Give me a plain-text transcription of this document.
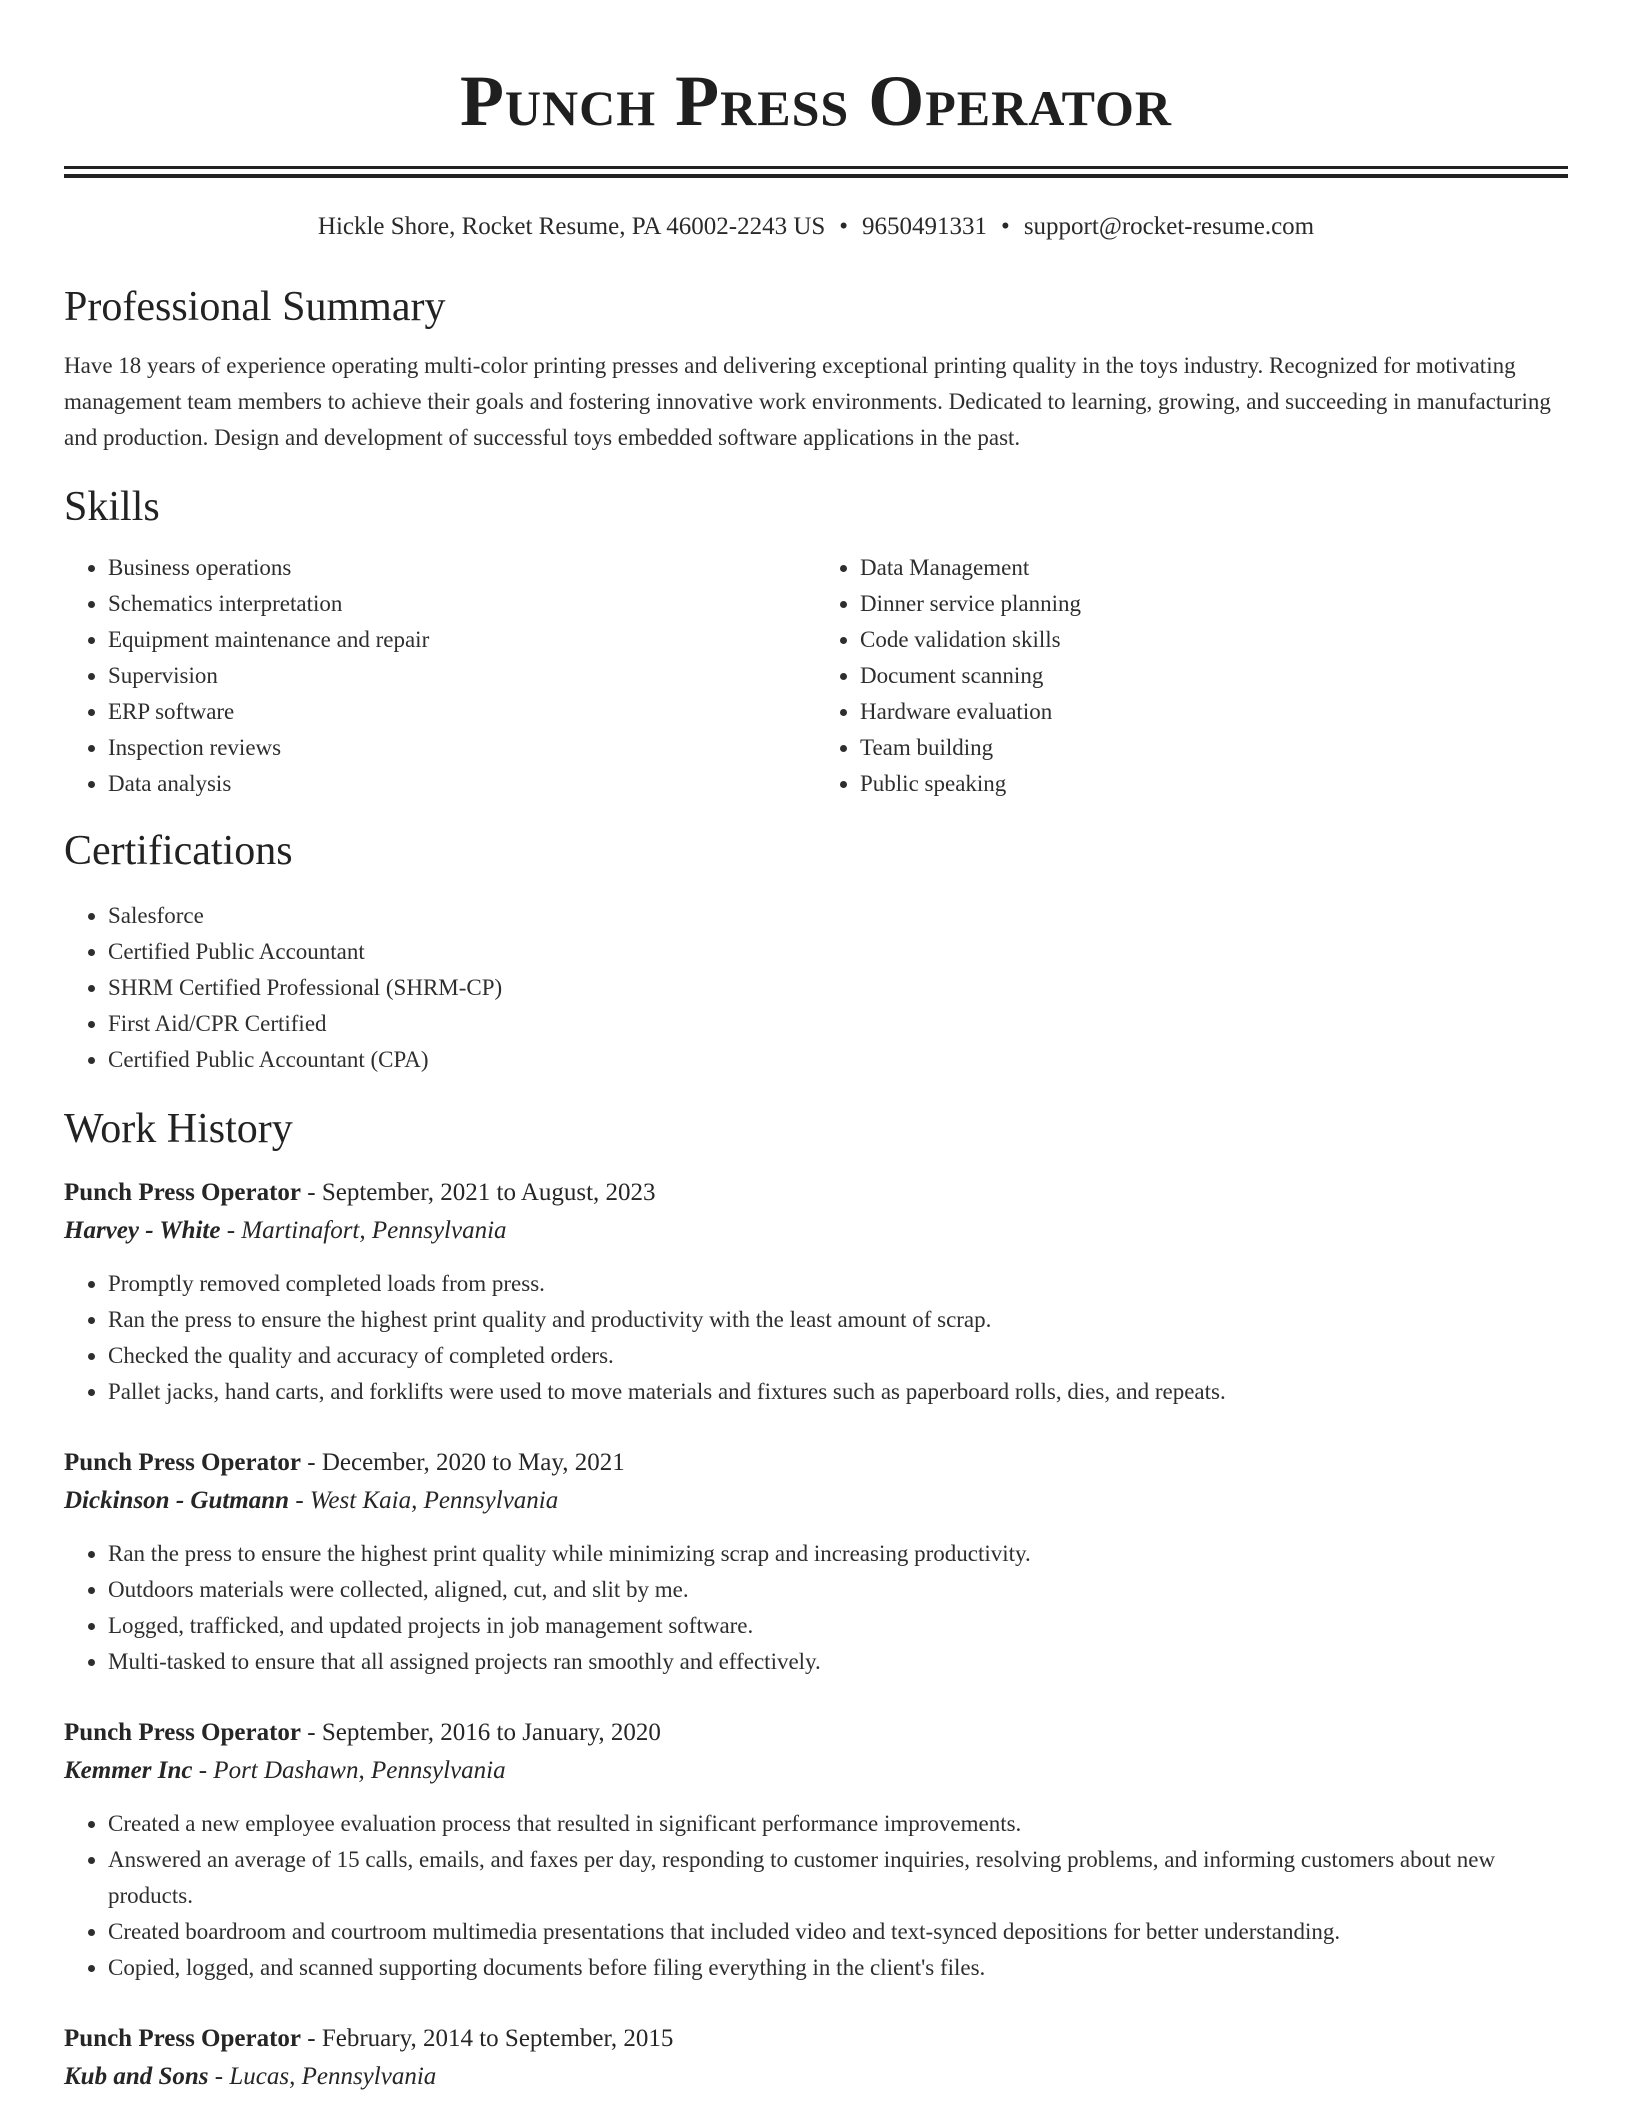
Punch Press Operator
Hickle Shore, Rocket Resume, PA 46002-2243 US • 9650491331 • support@rocket-resume.com
Professional Summary

Have 18 years of experience operating multi-color printing presses and delivering exceptional printing quality in the toys industry. Recognized for motivating management team members to achieve their goals and fostering innovative work environments. Dedicated to learning, growing, and succeeding in manufacturing and production. Design and development of successful toys embedded software applications in the past.

Skills
• Business operations
• Schematics interpretation
• Equipment maintenance and repair
• Supervision
• ERP software
• Inspection reviews
• Data analysis
• Data Management
• Dinner service planning
• Code validation skills
• Document scanning
• Hardware evaluation
• Team building
• Public speaking
Certifications
• Salesforce
• Certified Public Accountant
• SHRM Certified Professional (SHRM-CP)
• First Aid/CPR Certified
• Certified Public Accountant (CPA)
Work History
Punch Press Operator - September, 2021 to August, 2023
Harvey - White - Martinafort, Pennsylvania
• Promptly removed completed loads from press.
• Ran the press to ensure the highest print quality and productivity with the least amount of scrap.
• Checked the quality and accuracy of completed orders.
• Pallet jacks, hand carts, and forklifts were used to move materials and fixtures such as paperboard rolls, dies, and repeats.
Punch Press Operator - December, 2020 to May, 2021
Dickinson - Gutmann - West Kaia, Pennsylvania
• Ran the press to ensure the highest print quality while minimizing scrap and increasing productivity.
• Outdoors materials were collected, aligned, cut, and slit by me.
• Logged, trafficked, and updated projects in job management software.
• Multi-tasked to ensure that all assigned projects ran smoothly and effectively.
Punch Press Operator - September, 2016 to January, 2020
Kemmer Inc - Port Dashawn, Pennsylvania
• Created a new employee evaluation process that resulted in significant performance improvements.
• Answered an average of 15 calls, emails, and faxes per day, responding to customer inquiries, resolving problems, and informing customers about new products.
• Created boardroom and courtroom multimedia presentations that included video and text-synced depositions for better understanding.
• Copied, logged, and scanned supporting documents before filing everything in the client's files.
Punch Press Operator - February, 2014 to September, 2015
Kub and Sons - Lucas, Pennsylvania
